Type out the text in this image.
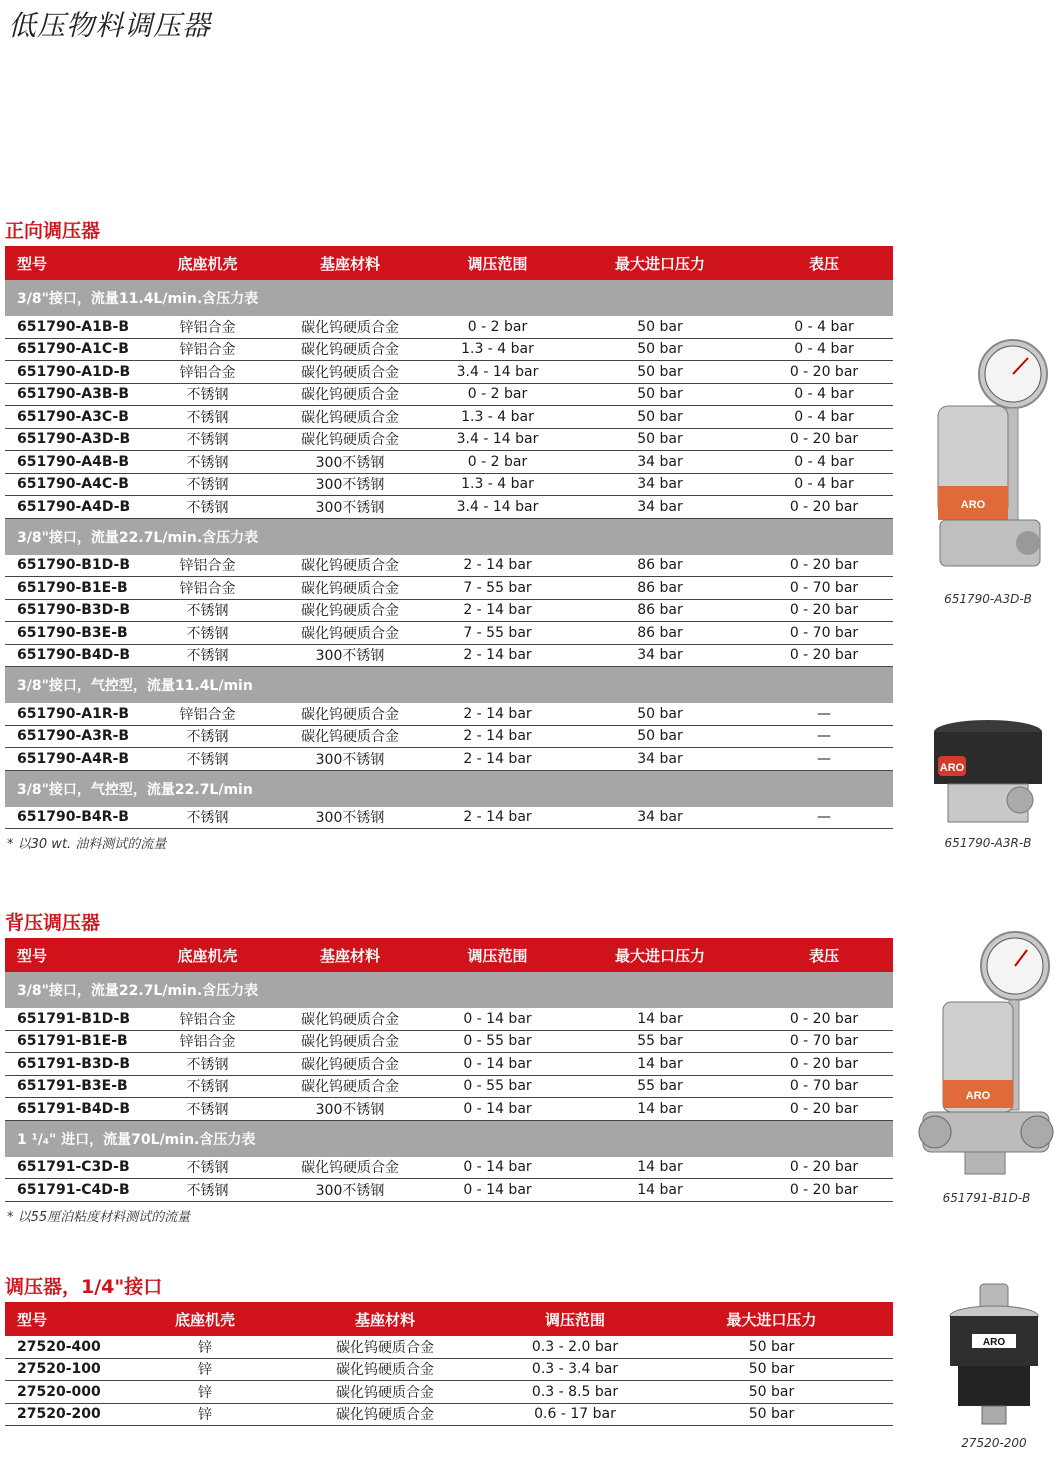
低压物料调压器
正向调压器
型号	底座机壳	基座材料	调压范围	最大进口压力	表压
3/8"接口，流量11.4L/min.含压力表					
651790-A1B-B	锌铝合金	碳化钨硬质合金	0 - 2 bar	50 bar	0 - 4 bar
651790-A1C-B	锌铝合金	碳化钨硬质合金	1.3 - 4 bar	50 bar	0 - 4 bar
651790-A1D-B	锌铝合金	碳化钨硬质合金	3.4 - 14 bar	50 bar	0 - 20 bar
651790-A3B-B	不锈钢	碳化钨硬质合金	0 - 2 bar	50 bar	0 - 4 bar
651790-A3C-B	不锈钢	碳化钨硬质合金	1.3 - 4 bar	50 bar	0 - 4 bar
651790-A3D-B	不锈钢	碳化钨硬质合金	3.4 - 14 bar	50 bar	0 - 20 bar
651790-A4B-B	不锈钢	300不锈钢	0 - 2 bar	34 bar	0 - 4 bar
651790-A4C-B	不锈钢	300不锈钢	1.3 - 4 bar	34 bar	0 - 4 bar
651790-A4D-B	不锈钢	300不锈钢	3.4 - 14 bar	34 bar	0 - 20 bar
3/8"接口，流量22.7L/min.含压力表					
651790-B1D-B	锌铝合金	碳化钨硬质合金	2 - 14 bar	86 bar	0 - 20 bar
651790-B1E-B	锌铝合金	碳化钨硬质合金	7 - 55 bar	86 bar	0 - 70 bar
651790-B3D-B	不锈钢	碳化钨硬质合金	2 - 14 bar	86 bar	0 - 20 bar
651790-B3E-B	不锈钢	碳化钨硬质合金	7 - 55 bar	86 bar	0 - 70 bar
651790-B4D-B	不锈钢	300不锈钢	2 - 14 bar	34 bar	0 - 20 bar
3/8"接口，气控型，流量11.4L/min					
651790-A1R-B	锌铝合金	碳化钨硬质合金	2 - 14 bar	50 bar	—
651790-A3R-B	不锈钢	碳化钨硬质合金	2 - 14 bar	50 bar	—
651790-A4R-B	不锈钢	300不锈钢	2 - 14 bar	34 bar	—
3/8"接口，气控型，流量22.7L/min					
651790-B4R-B	不锈钢	300不锈钢	2 - 14 bar	34 bar	—
* 以30 wt. 油料测试的流量
背压调压器
型号	底座机壳	基座材料	调压范围	最大进口压力	表压
3/8"接口，流量22.7L/min.含压力表					
651791-B1D-B	锌铝合金	碳化钨硬质合金	0 - 14 bar	14 bar	0 - 20 bar
651791-B1E-B	锌铝合金	碳化钨硬质合金	0 - 55 bar	55 bar	0 - 70 bar
651791-B3D-B	不锈钢	碳化钨硬质合金	0 - 14 bar	14 bar	0 - 20 bar
651791-B3E-B	不锈钢	碳化钨硬质合金	0 - 55 bar	55 bar	0 - 70 bar
651791-B4D-B	不锈钢	300不锈钢	0 - 14 bar	14 bar	0 - 20 bar
1 ¹/₄" 进口，流量70L/min.含压力表					
651791-C3D-B	不锈钢	碳化钨硬质合金	0 - 14 bar	14 bar	0 - 20 bar
651791-C4D-B	不锈钢	300不锈钢	0 - 14 bar	14 bar	0 - 20 bar
* 以55厘泊粘度材料测试的流量
调压器，1/4"接口
型号	底座机壳	基座材料	调压范围	最大进口压力
27520-400	锌	碳化钨硬质合金	0.3 - 2.0 bar	50 bar
27520-100	锌	碳化钨硬质合金	0.3 - 3.4 bar	50 bar
27520-000	锌	碳化钨硬质合金	0.3 - 8.5 bar	50 bar
27520-200	锌	碳化钨硬质合金	0.6 - 17 bar	50 bar
ARO
651790-A3D-B
ARO
651790-A3R-B
ARO
651791-B1D-B
ARO
27520-200
